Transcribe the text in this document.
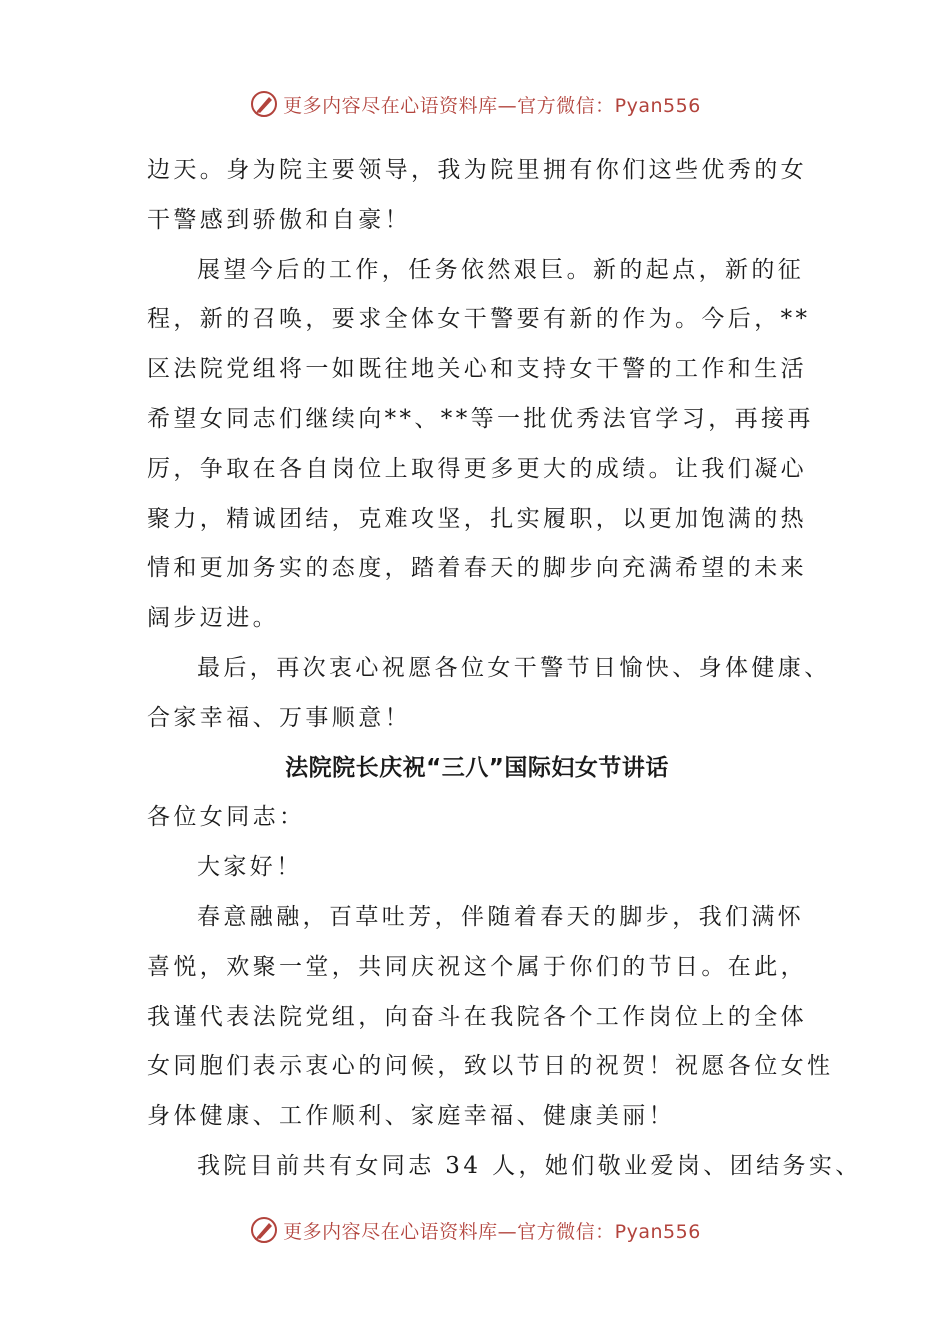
更多内容尽在心语资料库—官方微信：Pyan556
边天。身为院主要领导，我为院里拥有你们这些优秀的女
干警感到骄傲和自豪！
展望今后的工作，任务依然艰巨。新的起点，新的征
程，新的召唤，要求全体女干警要有新的作为。今后，**
区法院党组将一如既往地关心和支持女干警的工作和生活
希望女同志们继续向**、**等一批优秀法官学习，再接再
厉，争取在各自岗位上取得更多更大的成绩。让我们凝心
聚力，精诚团结，克难攻坚，扎实履职，以更加饱满的热
情和更加务实的态度，踏着春天的脚步向充满希望的未来
阔步迈进。
最后，再次衷心祝愿各位女干警节日愉快、身体健康、
合家幸福、万事顺意！
法院院长庆祝“三八”国际妇女节讲话
各位女同志：
大家好！
春意融融，百草吐芳，伴随着春天的脚步，我们满怀
喜悦，欢聚一堂，共同庆祝这个属于你们的节日。在此，
我谨代表法院党组，向奋斗在我院各个工作岗位上的全体
女同胞们表示衷心的问候，致以节日的祝贺！祝愿各位女性
身体健康、工作顺利、家庭幸福、健康美丽！
我院目前共有女同志 34 人，她们敬业爱岗、团结务实、
更多内容尽在心语资料库—官方微信：Pyan556
